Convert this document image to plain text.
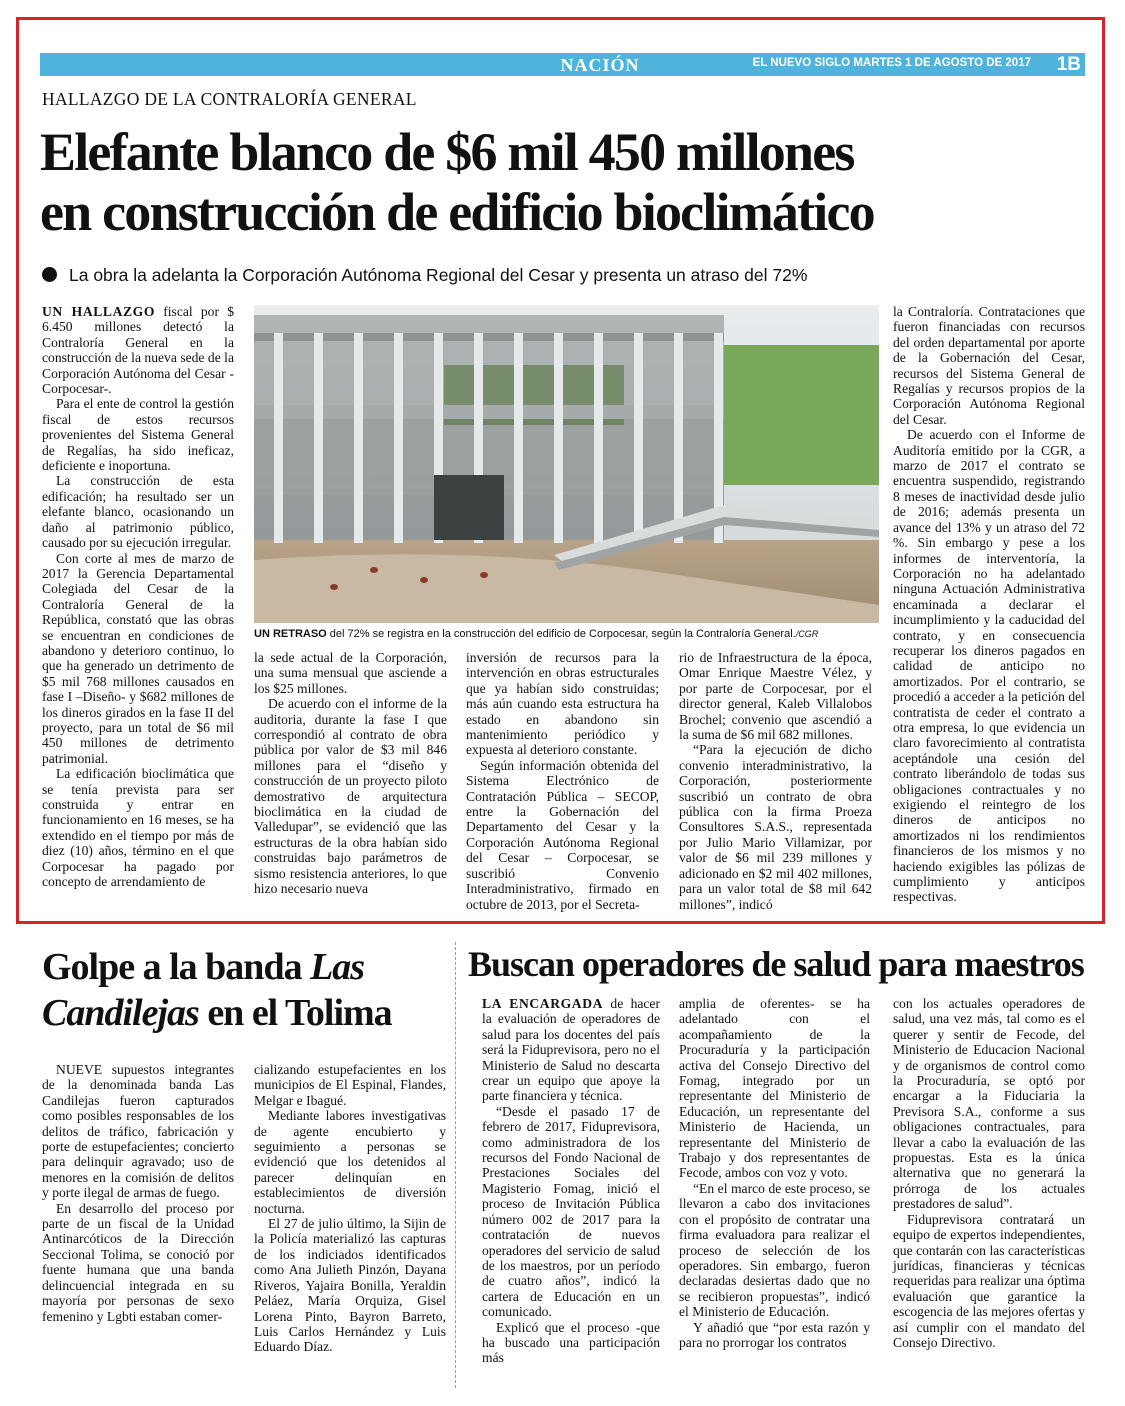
NACIÓN	EL NUEVO SIGLO MARTES 1 DE AGOSTO DE 2017 1B
HALLAZGO DE LA CONTRALORÍA GENERAL
Elefante blanco de $6 mil 450 millones
en construcción de edificio bioclimático
La obra la adelanta la Corporación Autónoma Regional del Cesar y presenta un atraso del 72%

UN HALLAZGO fiscal por $ 6.450 millones detectó la Contraloría General en la construcción de la nueva sede de la Corporación Autónoma del Cesar -Corpocesar-.

Para el ente de control la gestión fiscal de estos recursos provenientes del Sistema General de Regalías, ha sido ineficaz, deficiente e inoportuna.

La construcción de esta edificación; ha resultado ser un elefante blanco, ocasionando un daño al patrimonio público, causado por su ejecución irregular.

Con corte al mes de marzo de 2017 la Gerencia Departamental Colegiada del Cesar de la Contraloría General de la República, constató que las obras se encuentran en condiciones de abandono y deterioro continuo, lo que ha generado un detrimento de $5 mil 768 millones causados en fase I –Diseño- y $682 millones de los dineros girados en la fase II del proyecto, para un total de $6 mil 450 millones de detrimento patrimonial.

La edificación bioclimática que se tenía prevista para ser construida y entrar en funcionamiento en 16 meses, se ha extendido en el tiempo por más de diez (10) años, término en el que Corpocesar ha pagado por concepto de arrendamiento de

UN RETRASO del 72% se registra en la construcción del edificio de Corpocesar, según la Contraloría General./CGR

la sede actual de la Corporación, una suma mensual que asciende a los $25 millones.

De acuerdo con el informe de la auditoria, durante la fase I que correspondió al contrato de obra pública por valor de $3 mil 846 millones para el “diseño y construcción de un proyecto piloto demostrativo de arquitectura bioclimática en la ciudad de Valledupar”, se evidenció que las estructuras de la obra habían sido construidas bajo parámetros de sismo resistencia anteriores, lo que hizo necesario nueva

inversión de recursos para la intervención en obras estructurales que ya habían sido construidas; más aún cuando esta estructura ha estado en abandono sin mantenimiento periódico y expuesta al deterioro constante.

Según información obtenida del Sistema Electrónico de Contratación Pública – SECOP, entre la Gobernación del Departamento del Cesar y la Corporación Autónoma Regional del Cesar – Corpocesar, se suscribió Convenio Interadministrativo, firmado en octubre de 2013, por el Secreta-

rio de Infraestructura de la época, Omar Enrique Maestre Vélez, y por parte de Corpocesar, por el director general, Kaleb Villalobos Brochel; convenio que ascendió a la suma de $6 mil 682 millones.

“Para la ejecución de dicho convenio interadministrativo, la Corporación, posteriormente suscribió un contrato de obra pública con la firma Proeza Consultores S.A.S., representada por Julio Mario Villamizar, por valor de $6 mil 239 millones y adicionado en $2 mil 402 millones, para un valor total de $8 mil 642 millones”, indicó

la Contraloría. Contrataciones que fueron financiadas con recursos del orden departamental por aporte de la Gobernación del Cesar, recursos del Sistema General de Regalías y recursos propios de la Corporación Autónoma Regional del Cesar.

De acuerdo con el Informe de Auditoría emitido por la CGR, a marzo de 2017 el contrato se encuentra suspendido, registrando 8 meses de inactividad desde julio de 2016; además presenta un avance del 13% y un atraso del 72 %. Sin embargo y pese a los informes de interventoría, la Corporación no ha adelantado ninguna Actuación Administrativa encaminada a declarar el incumplimiento y la caducidad del contrato, y en consecuencia recuperar los dineros pagados en calidad de anticipo no amortizados. Por el contrario, se procedió a acceder a la petición del contratista de ceder el contrato a otra empresa, lo que evidencia un claro favorecimiento al contratista aceptándole una cesión del contrato liberándolo de todas sus obligaciones contractuales y no exigiendo el reintegro de los dineros de anticipos no amortizados ni los rendimientos financieros de los mismos y no haciendo exigibles las pólizas de cumplimiento y anticipos respectivas.

Golpe a la banda Las
Candilejas en el Tolima

NUEVE supuestos integrantes de la denominada banda Las Candilejas fueron capturados como posibles responsables de los delitos de tráfico, fabricación y porte de estupefacientes; concierto para delinquir agravado; uso de menores en la comisión de delitos y porte ilegal de armas de fuego.

En desarrollo del proceso por parte de un fiscal de la Unidad Antinarcóticos de la Dirección Seccional Tolima, se conoció por fuente humana que una banda delincuencial integrada en su mayoría por personas de sexo femenino y Lgbti estaban comer-

cializando estupefacientes en los municipios de El Espinal, Flandes, Melgar e Ibagué.

Mediante labores investigativas de agente encubierto y seguimiento a personas se evidenció que los detenidos al parecer delinquían en establecimientos de diversión nocturna.

El 27 de julio último, la Sijin de la Policía materializó las capturas de los indiciados identificados como Ana Julieth Pinzón, Dayana Riveros, Yajaira Bonilla, Yeraldin Peláez, María Orquiza, Gisel Lorena Pinto, Bayron Barreto, Luis Carlos Hernández y Luis Eduardo Díaz.

Buscan operadores de salud para maestros

LA ENCARGADA de hacer la evaluación de operadores de salud para los docentes del país será la Fiduprevisora, pero no el Ministerio de Salud no descarta crear un equipo que apoye la parte financiera y técnica.

“Desde el pasado 17 de febrero de 2017, Fiduprevisora, como administradora de los recursos del Fondo Nacional de Prestaciones Sociales del Magisterio Fomag, inició el proceso de Invitación Pública número 002 de 2017 para la contratación de nuevos operadores del servicio de salud de los maestros, por un período de cuatro años”, indicó la cartera de Educación en un comunicado.

Explicó que el proceso -que ha buscado una participación más

amplia de oferentes- se ha adelantado con el acompañamiento de la Procuraduría y la participación activa del Consejo Directivo del Fomag, integrado por un representante del Ministerio de Educación, un representante del Ministerio de Hacienda, un representante del Ministerio de Trabajo y dos representantes de Fecode, ambos con voz y voto.

“En el marco de este proceso, se llevaron a cabo dos invitaciones con el propósito de contratar una firma evaluadora para realizar el proceso de selección de los operadores. Sin embargo, fueron declaradas desiertas dado que no se recibieron propuestas”, indicó el Ministerio de Educación.

Y añadió que “por esta razón y para no prorrogar los contratos

con los actuales operadores de salud, una vez más, tal como es el querer y sentir de Fecode, del Ministerio de Educacion Nacional y de organismos de control como la Procuraduría, se optó por encargar a la Fiduciaria la Previsora S.A., conforme a sus obligaciones contractuales, para llevar a cabo la evaluación de las propuestas. Esta es la única alternativa que no generará la prórroga de los actuales prestadores de salud”.

Fiduprevisora contratará un equipo de expertos independientes, que contarán con las características jurídicas, financieras y técnicas requeridas para realizar una óptima evaluación que garantice la escogencia de las mejores ofertas y así cumplir con el mandato del Consejo Directivo.
